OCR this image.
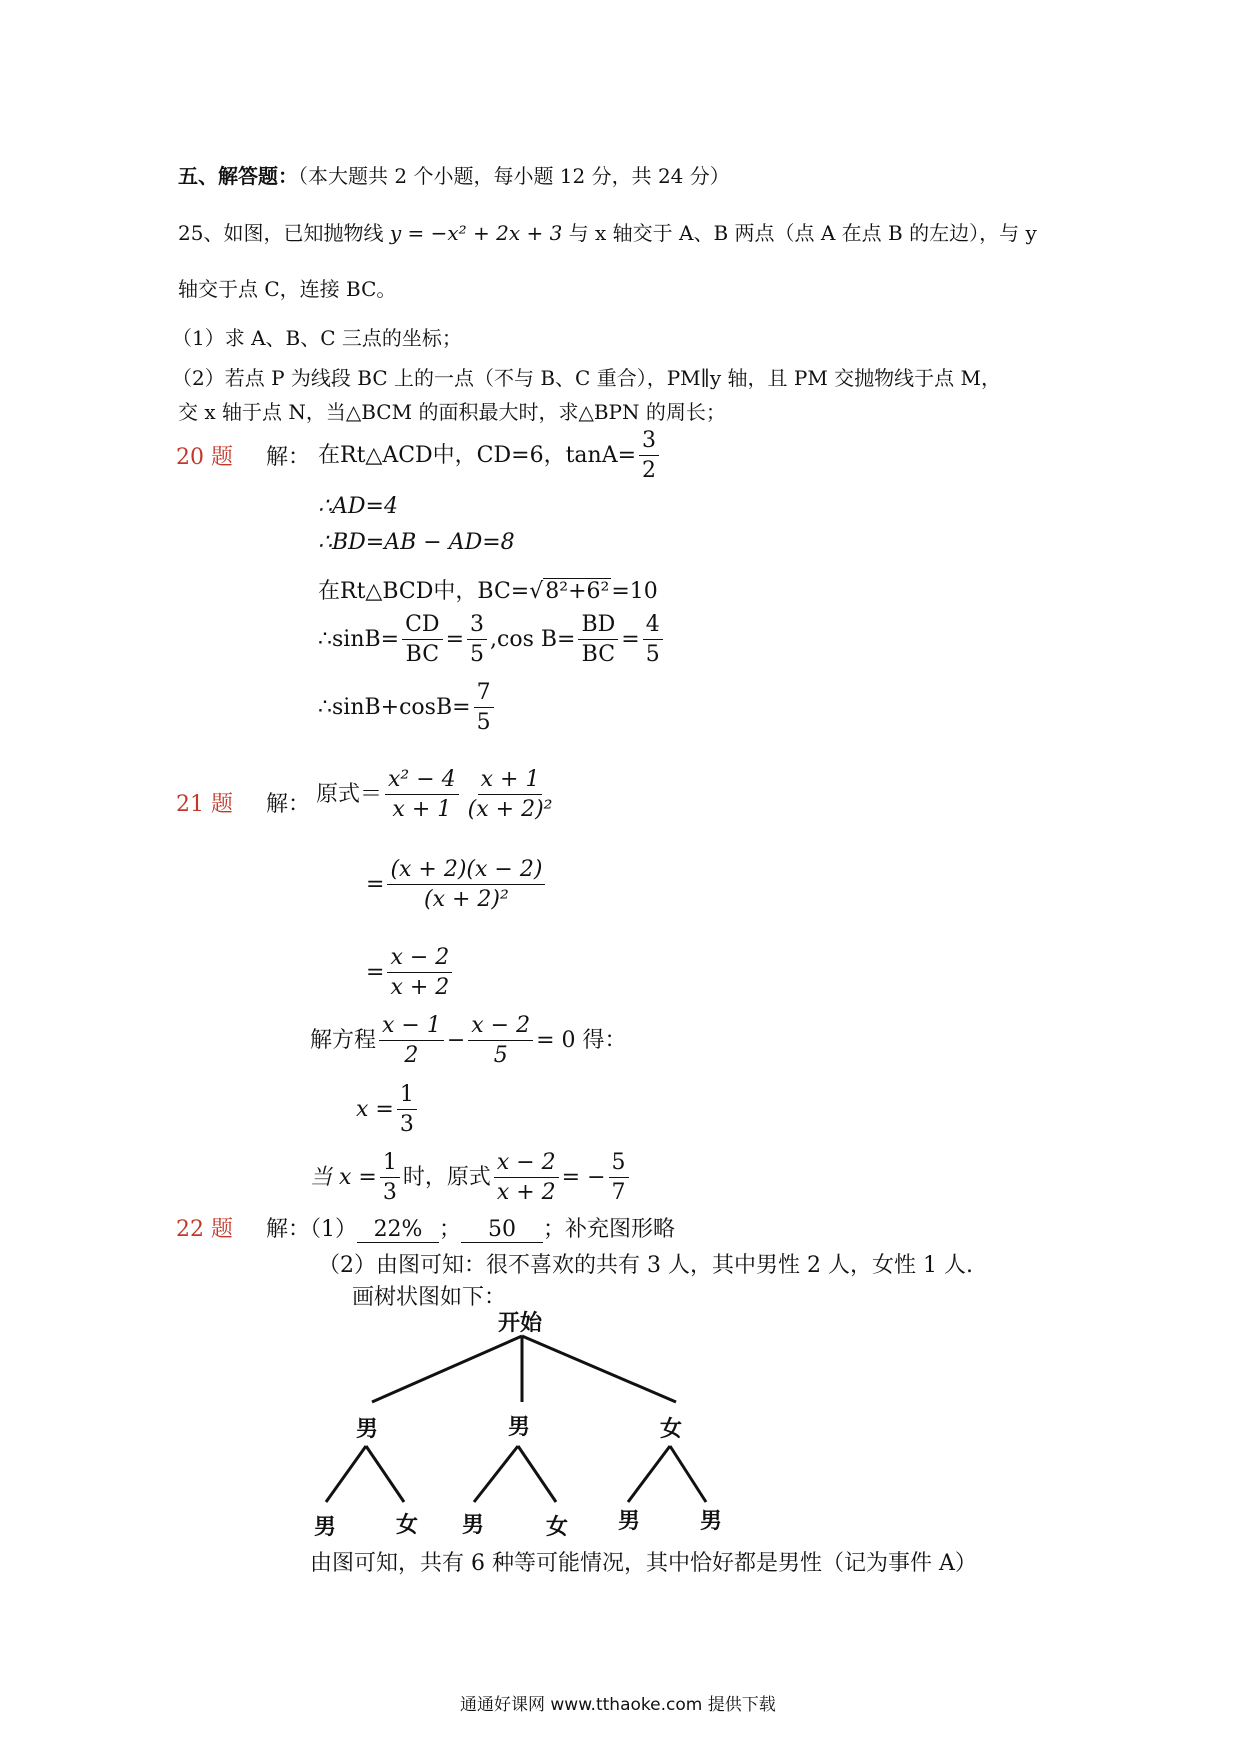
五、解答题：（本大题共 2 个小题，每小题 12 分，共 24 分）
25、如图，已知抛物线 y = −x² + 2x + 3 与 x 轴交于 A、B 两点（点 A 在点 B 的左边），与 y
轴交于点 C，连接 BC。
（1）求 A、B、C 三点的坐标；
（2）若点 P 为线段 BC 上的一点（不与 B、C 重合），PM∥y 轴，且 PM 交抛物线于点 M，
交 x 轴于点 N，当△BCM 的面积最大时，求△BPN 的周长；
20 题 解： 在Rt△ACD中，CD=6，$\tan A= \frac{3}{2}$
∴AD=4
∴BD=AB − AD=8
在Rt△BCD中，BC=√8²+6²=10
∴sinB= $\frac{CD}{BC} = \frac{3}{5} ,\cos$ $B= \frac{BD}{BC} = \frac{4}{5}$
∴sinB+cosB= $\frac{7}{5}$
21 题 解： 原式＝ $\frac{\text{x² − 4}}{x + 1} \frac{x + 1}{\text{(x + 2)²}}$
= $\frac{(x + 2)(x - 2)}{\text{(x + 2)²}}$
= $\frac{x - 2}{x + 2}$
解方程 $\frac{x - 1}{2} - \frac{x - 2}{5} = 0$ 得：
$x = \frac{1}{3}$
当 $x = \frac{1}{3}$ 时，原式 $\frac{x - 2}{x + 2}$ = − $\frac{5}{7}$
22 题 解：（1） 22% ； 50 ；补充图形略
（2）由图可知：很不喜欢的共有 3 人，其中男性 2 人，女性 1 人.
画树状图如下：
开始
男	男	女
男	女 男	女 男	男
由图可知，共有 6 种等可能情况，其中恰好都是男性（记为事件 A）
通通好课网 www.tthaoke.com 提供下载
